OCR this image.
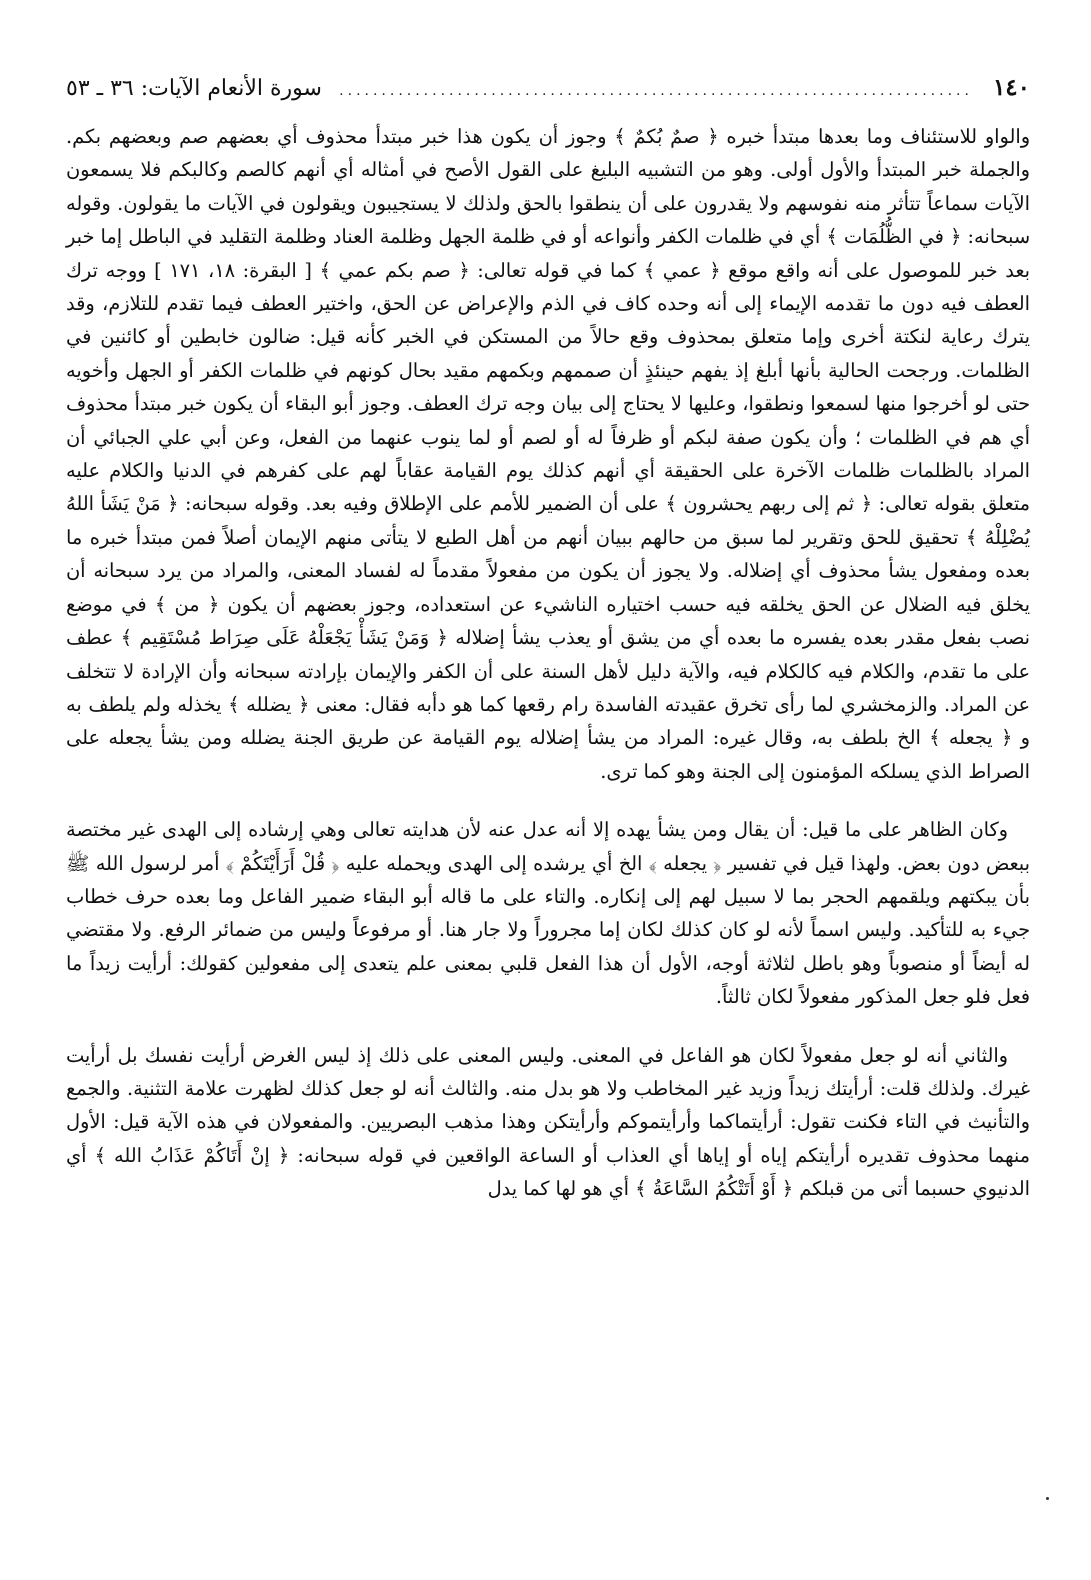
١٤٠
.....
سورة الأنعام الآيات: ٣٦ ـ ٥٣

والواو للاستئناف وما بعدها مبتدأ خبره ﴿ صمٌ بُكمٌ ﴾ وجوز أن يكون هذا خبر مبتدأ محذوف أي بعضهم صم وبعضهم بكم. والجملة خبر المبتدأ والأول أولى. وهو من التشبيه البليغ على القول الأصح في أمثاله أي أنهم كالصم وكالبكم فلا يسمعون الآيات سماعاً تتأثر منه نفوسهم ولا يقدرون على أن ينطقوا بالحق ولذلك لا يستجيبون ويقولون في الآيات ما يقولون. وقوله سبحانه: ﴿ في الظُّلُمَات ﴾ أي في ظلمات الكفر وأنواعه أو في ظلمة الجهل وظلمة العناد وظلمة التقليد في الباطل إما خبر بعد خبر للموصول على أنه واقع موقع ﴿ عمي ﴾ كما في قوله تعالى: ﴿ صم بكم عمي ﴾ [ البقرة: ١٨، ١٧١ ] ووجه ترك العطف فيه دون ما تقدمه الإيماء إلى أنه وحده كاف في الذم والإعراض عن الحق، واختير العطف فيما تقدم للتلازم، وقد يترك رعاية لنكتة أخرى وإما متعلق بمحذوف وقع حالاً من المستكن في الخبر كأنه قيل: ضالون خابطين أو كائنين في الظلمات. ورجحت الحالية بأنها أبلغ إذ يفهم حينئذٍ أن صممهم وبكمهم مقيد بحال كونهم في ظلمات الكفر أو الجهل وأخويه حتى لو أخرجوا منها لسمعوا ونطقوا، وعليها لا يحتاج إلى بيان وجه ترك العطف. وجوز أبو البقاء أن يكون خبر مبتدأ محذوف أي هم في الظلمات ؛ وأن يكون صفة لبكم أو ظرفاً له أو لصم أو لما ينوب عنهما من الفعل، وعن أبي علي الجبائي أن المراد بالظلمات ظلمات الآخرة على الحقيقة أي أنهم كذلك يوم القيامة عقاباً لهم على كفرهم في الدنيا والكلام عليه متعلق بقوله تعالى: ﴿ ثم إلى ربهم يحشرون ﴾ على أن الضمير للأمم على الإطلاق وفيه بعد. وقوله سبحانه: ﴿ مَنْ يَشَأ اللهُ يُضْلِلْهُ ﴾ تحقيق للحق وتقرير لما سبق من حالهم ببيان أنهم من أهل الطبع لا يتأتى منهم الإيمان أصلاً فمن مبتدأ خبره ما بعده ومفعول يشأ محذوف أي إضلاله. ولا يجوز أن يكون من مفعولاً مقدماً له لفساد المعنى، والمراد من يرد سبحانه أن يخلق فيه الضلال عن الحق يخلقه فيه حسب اختياره الناشيء عن استعداده، وجوز بعضهم أن يكون ﴿ من ﴾ في موضع نصب بفعل مقدر بعده يفسره ما بعده أي من يشق أو يعذب يشأ إضلاله ﴿ وَمَنْ يَشَأْ يَجْعَلْهُ عَلَى صِرَاط مُسْتَقِيم ﴾ عطف على ما تقدم، والكلام فيه كالكلام فيه، والآية دليل لأهل السنة على أن الكفر والإيمان بإرادته سبحانه وأن الإرادة لا تتخلف عن المراد. والزمخشري لما رأى تخرق عقيدته الفاسدة رام رقعها كما هو دأبه فقال: معنى ﴿ يضلله ﴾ يخذله ولم يلطف به و ﴿ يجعله ﴾ الخ بلطف به، وقال غيره: المراد من يشأ إضلاله يوم القيامة عن طريق الجنة يضلله ومن يشأ يجعله على الصراط الذي يسلكه المؤمنون إلى الجنة وهو كما ترى.

وكان الظاهر على ما قيل: أن يقال ومن يشأ يهده إلا أنه عدل عنه لأن هدايته تعالى وهي إرشاده إلى الهدى غير مختصة ببعض دون بعض. ولهذا قيل في تفسير ﴿ يجعله ﴾ الخ أي يرشده إلى الهدى ويحمله عليه ﴿ قُلْ أَرَأَيْتَكُمْ ﴾ أمر لرسول الله ﷺ بأن يبكتهم ويلقمهم الحجر بما لا سبيل لهم إلى إنكاره. والتاء على ما قاله أبو البقاء ضمير الفاعل وما بعده حرف خطاب جيء به للتأكيد. وليس اسماً لأنه لو كان كذلك لكان إما مجروراً ولا جار هنا. أو مرفوعاً وليس من ضمائر الرفع. ولا مقتضي له أيضاً أو منصوباً وهو باطل لثلاثة أوجه، الأول أن هذا الفعل قلبي بمعنى علم يتعدى إلى مفعولين كقولك: أرأيت زيداً ما فعل فلو جعل المذكور مفعولاً لكان ثالثاً.

والثاني أنه لو جعل مفعولاً لكان هو الفاعل في المعنى. وليس المعنى على ذلك إذ ليس الغرض أرأيت نفسك بل أرأيت غيرك. ولذلك قلت: أرأيتك زيداً وزيد غير المخاطب ولا هو بدل منه. والثالث أنه لو جعل كذلك لظهرت علامة التثنية. والجمع والتأنيث في التاء فكنت تقول: أرأيتماكما وأرأيتموكم وأرأيتكن وهذا مذهب البصريين. والمفعولان في هذه الآية قيل: الأول منهما محذوف تقديره أرأيتكم إياه أو إياها أي العذاب أو الساعة الواقعين في قوله سبحانه: ﴿ إنْ أَتَاكُمْ عَذَابُ الله ﴾ أي الدنيوي حسبما أتى من قبلكم ﴿ أَوْ أَتَتْكُمُ السَّاعَةُ ﴾ أي هو لها كما يدل
